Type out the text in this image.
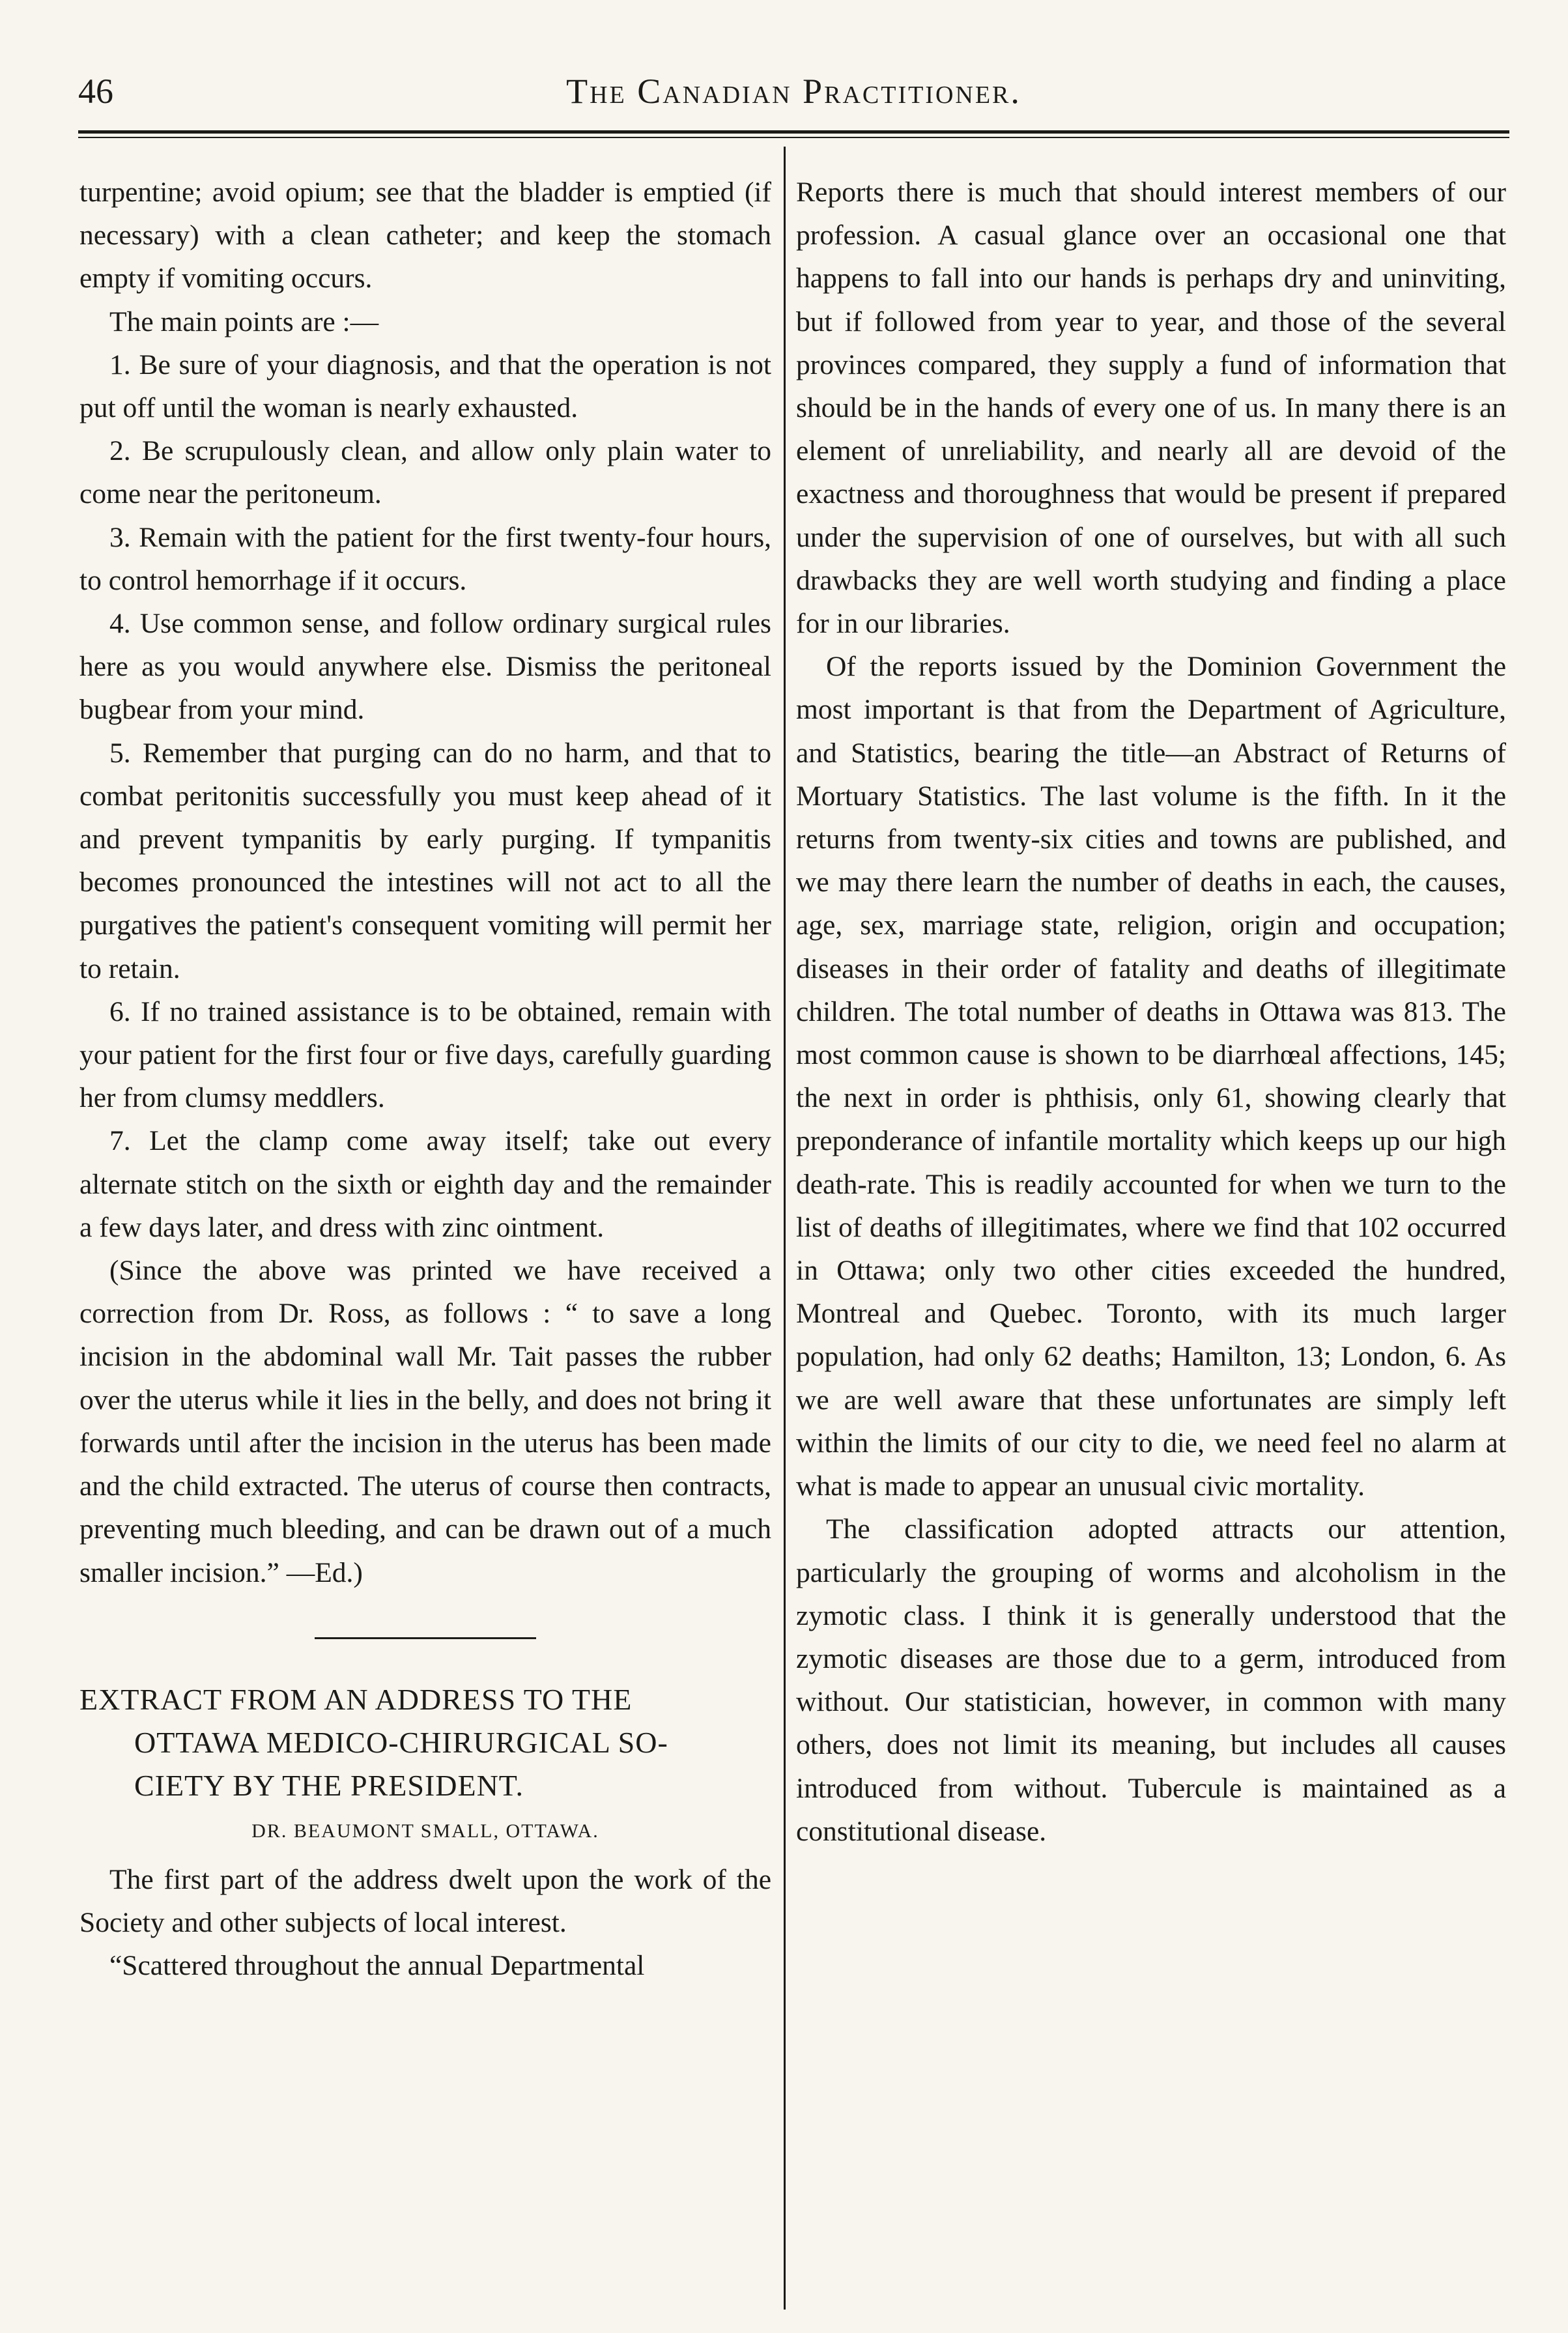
46	The Canadian Practitioner.

turpentine; avoid opium; see that the bladder is emptied (if necessary) with a clean catheter; and keep the stomach empty if vomiting occurs.

The main points are :—

1. Be sure of your diagnosis, and that the operation is not put off until the woman is nearly exhausted.

2. Be scrupulously clean, and allow only plain water to come near the peritoneum.

3. Remain with the patient for the first twenty-four hours, to control hemorrhage if it occurs.

4. Use common sense, and follow ordinary surgical rules here as you would anywhere else. Dismiss the peritoneal bugbear from your mind.

5. Remember that purging can do no harm, and that to combat peritonitis successfully you must keep ahead of it and prevent tympanitis by early purging. If tympanitis becomes pronounced the intestines will not act to all the purgatives the patient's consequent vomiting will permit her to retain.

6. If no trained assistance is to be obtained, remain with your patient for the first four or five days, carefully guarding her from clumsy meddlers.

7. Let the clamp come away itself; take out every alternate stitch on the sixth or eighth day and the remainder a few days later, and dress with zinc ointment.

(Since the above was printed we have received a correction from Dr. Ross, as follows : “ to save a long incision in the abdominal wall Mr. Tait passes the rubber over the uterus while it lies in the belly, and does not bring it forwards until after the incision in the uterus has been made and the child extracted. The uterus of course then contracts, preventing much bleeding, and can be drawn out of a much smaller incision.” —Ed.)

EXTRACT FROM AN ADDRESS TO THE
OTTAWA MEDICO-CHIRURGICAL SO-
CIETY BY THE PRESIDENT.
DR. BEAUMONT SMALL, OTTAWA.

The first part of the address dwelt upon the work of the Society and other subjects of local interest.

“Scattered throughout the annual Departmental

Reports there is much that should interest members of our profession. A casual glance over an occasional one that happens to fall into our hands is perhaps dry and uninviting, but if followed from year to year, and those of the several provinces compared, they supply a fund of information that should be in the hands of every one of us. In many there is an element of unreliability, and nearly all are devoid of the exactness and thoroughness that would be present if prepared under the supervision of one of ourselves, but with all such drawbacks they are well worth studying and finding a place for in our libraries.

Of the reports issued by the Dominion Government the most important is that from the Department of Agriculture, and Statistics, bearing the title—an Abstract of Returns of Mortuary Statistics. The last volume is the fifth. In it the returns from twenty-six cities and towns are published, and we may there learn the number of deaths in each, the causes, age, sex, marriage state, religion, origin and occupation; diseases in their order of fatality and deaths of illegitimate children. The total number of deaths in Ottawa was 813. The most common cause is shown to be diarrhœal affections, 145; the next in order is phthisis, only 61, showing clearly that preponderance of infantile mortality which keeps up our high death-rate. This is readily accounted for when we turn to the list of deaths of illegitimates, where we find that 102 occurred in Ottawa; only two other cities exceeded the hundred, Montreal and Quebec. Toronto, with its much larger population, had only 62 deaths; Hamilton, 13; London, 6. As we are well aware that these unfortunates are simply left within the limits of our city to die, we need feel no alarm at what is made to appear an unusual civic mortality.

The classification adopted attracts our attention, particularly the grouping of worms and alcoholism in the zymotic class. I think it is generally understood that the zymotic diseases are those due to a germ, introduced from without. Our statistician, however, in common with many others, does not limit its meaning, but includes all causes introduced from without. Tubercule is maintained as a constitutional disease.
